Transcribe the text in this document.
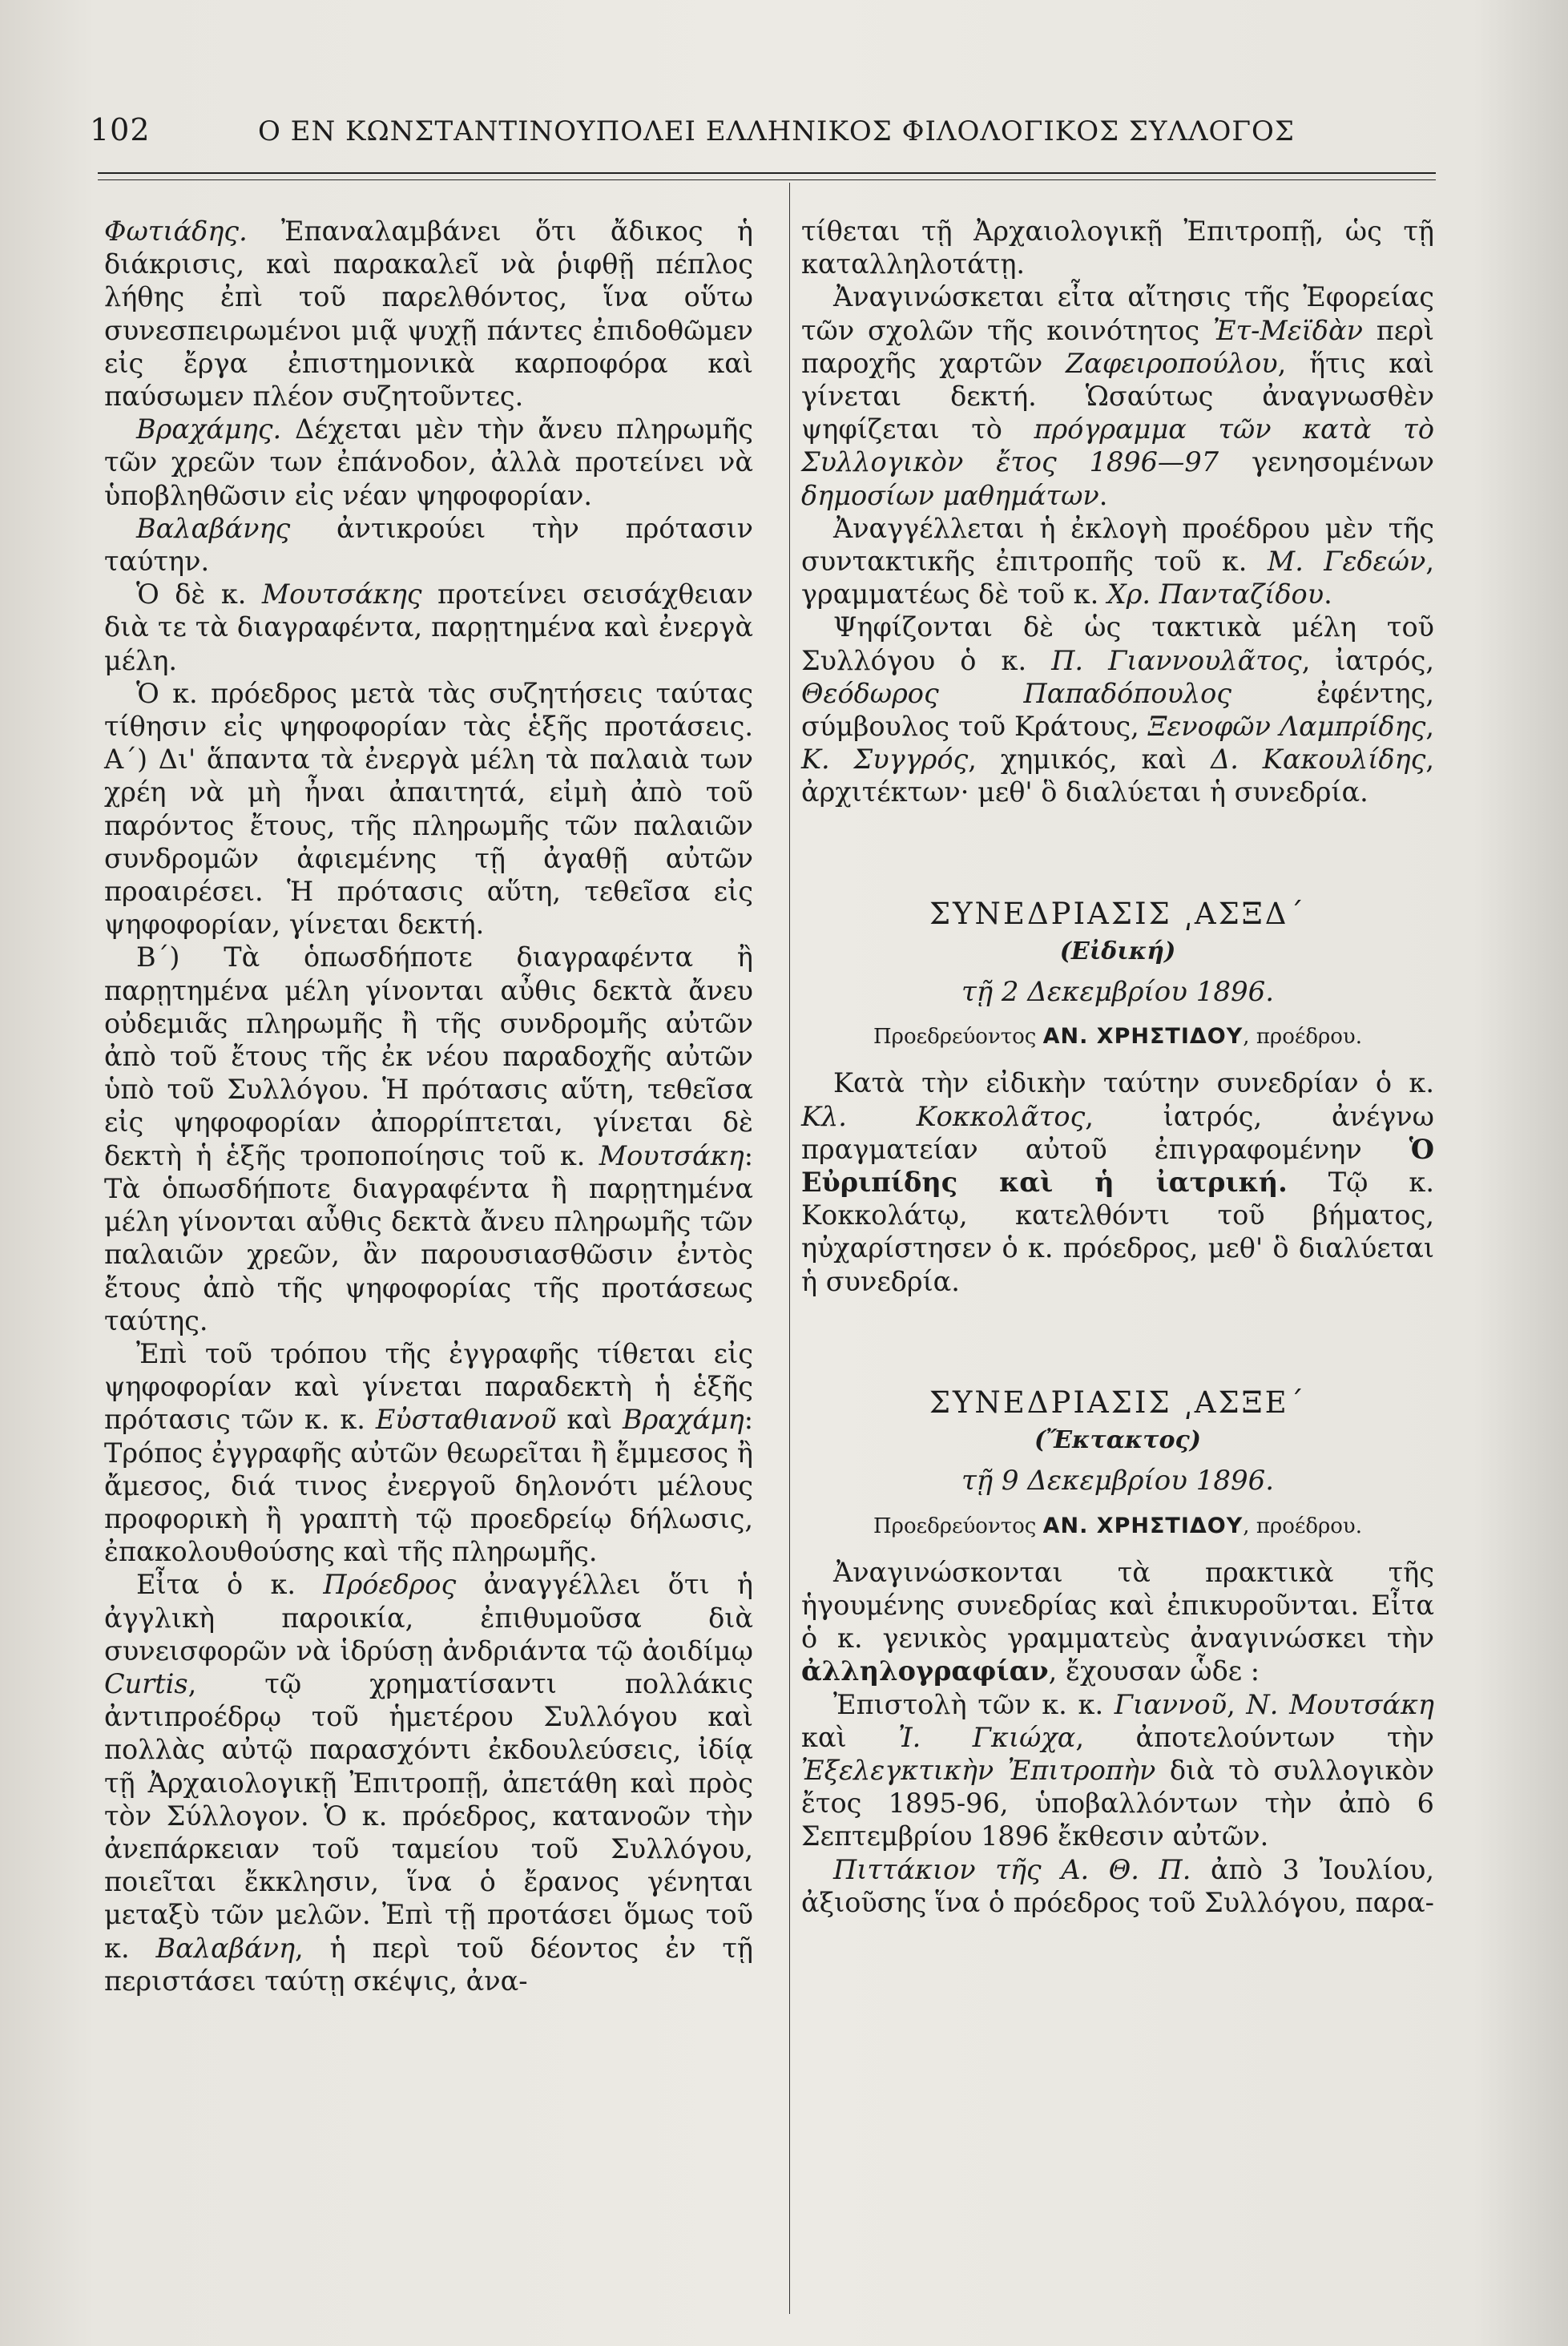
102	Ο ΕΝ ΚΩΝΣΤΑΝΤΙΝΟΥΠΟΛΕΙ ΕΛΛΗΝΙΚΟΣ ΦΙΛΟΛΟΓΙΚΟΣ ΣΥΛΛΟΓΟΣ

Φωτιάδης. Ἐπαναλαμβάνει ὅτι ἄδικος ἡ διάκρισις, καὶ παρακαλεῖ νὰ ῥιφθῇ πέπλος λήθης ἐπὶ τοῦ παρελθόντος, ἵνα οὕτω συνεσπειρωμένοι μιᾷ ψυχῇ πάντες ἐπιδοθῶμεν εἰς ἔργα ἐπιστημονικὰ καρποφόρα καὶ παύσωμεν πλέον συζητοῦντες.

Βραχάμης. Δέχεται μὲν τὴν ἄνευ πληρωμῆς τῶν χρεῶν των ἐπάνοδον, ἀλλὰ προτείνει νὰ ὑποβληθῶσιν εἰς νέαν ψηφοφορίαν.

Βαλαβάνης ἀντικρούει τὴν πρότασιν ταύτην.

Ὁ δὲ κ. Μουτσάκης προτείνει σεισάχθειαν διὰ τε τὰ διαγραφέντα, παρῃτημένα καὶ ἐνεργὰ μέλη.

Ὁ κ. πρόεδρος μετὰ τὰς συζητήσεις ταύτας τίθησιν εἰς ψηφοφορίαν τὰς ἑξῆς προτάσεις. Α΄) Δι' ἅπαντα τὰ ἐνεργὰ μέλη τὰ παλαιὰ των χρέη νὰ μὴ ἦναι ἀπαιτητά, εἰμὴ ἀπὸ τοῦ παρόντος ἔτους, τῆς πληρωμῆς τῶν παλαιῶν συνδρομῶν ἀφιεμένης τῇ ἀγαθῇ αὐτῶν προαιρέσει. Ἡ πρότασις αὕτη, τεθεῖσα εἰς ψηφοφορίαν, γίνεται δεκτή.

Β΄) Τὰ ὁπωσδήποτε διαγραφέντα ἢ παρῃτημένα μέλη γίνονται αὖθις δεκτὰ ἄνευ οὐδεμιᾶς πληρωμῆς ἢ τῆς συνδρομῆς αὐτῶν ἀπὸ τοῦ ἔτους τῆς ἐκ νέου παραδοχῆς αὐτῶν ὑπὸ τοῦ Συλλόγου. Ἡ πρότασις αὕτη, τεθεῖσα εἰς ψηφοφορίαν ἀπορρίπτεται, γίνεται δὲ δεκτὴ ἡ ἑξῆς τροποποίησις τοῦ κ. Μουτσάκη: Τὰ ὁπωσδήποτε διαγραφέντα ἢ παρῃτημένα μέλη γίνονται αὖθις δεκτὰ ἄνευ πληρωμῆς τῶν παλαιῶν χρεῶν, ἂν παρουσιασθῶσιν ἐντὸς ἔτους ἀπὸ τῆς ψηφοφορίας τῆς προτάσεως ταύτης.

Ἐπὶ τοῦ τρόπου τῆς ἐγγραφῆς τίθεται εἰς ψηφοφορίαν καὶ γίνεται παραδεκτὴ ἡ ἑξῆς πρότασις τῶν κ. κ. Εὐσταθιανοῦ καὶ Βραχάμη: Τρόπος ἐγγραφῆς αὐτῶν θεωρεῖται ἢ ἔμμεσος ἢ ἄμεσος, διά τινος ἐνεργοῦ δηλονότι μέλους προφορικὴ ἢ γραπτὴ τῷ προεδρείῳ δήλωσις, ἐπακολουθούσης καὶ τῆς πληρωμῆς.

Εἶτα ὁ κ. Πρόεδρος ἀναγγέλλει ὅτι ἡ ἀγγλικὴ παροικία, ἐπιθυμοῦσα διὰ συνεισφορῶν νὰ ἱδρύσῃ ἀνδριάντα τῷ ἀοιδίμῳ Curtis, τῷ χρηματίσαντι πολλάκις ἀντιπροέδρῳ τοῦ ἡμετέρου Συλλόγου καὶ πολλὰς αὐτῷ παρασχόντι ἐκδουλεύσεις, ἰδίᾳ τῇ Ἀρχαιολογικῇ Ἐπιτροπῇ, ἀπετάθη καὶ πρὸς τὸν Σύλλογον. Ὁ κ. πρόεδρος, κατανοῶν τὴν ἀνεπάρκειαν τοῦ ταμείου τοῦ Συλλόγου, ποιεῖται ἔκκλησιν, ἵνα ὁ ἔρανος γένηται μεταξὺ τῶν μελῶν. Ἐπὶ τῇ προτάσει ὅμως τοῦ κ. Βαλαβάνη, ἡ περὶ τοῦ δέοντος ἐν τῇ περιστάσει ταύτῃ σκέψις, ἀνα-

τίθεται τῇ Ἀρχαιολογικῇ Ἐπιτροπῇ, ὡς τῇ καταλληλοτάτῃ.

Ἀναγινώσκεται εἶτα αἴτησις τῆς Ἐφορείας τῶν σχολῶν τῆς κοινότητος Ἐτ-Μεϊδὰν περὶ παροχῆς χαρτῶν Ζαφειροπούλου, ἥτις καὶ γίνεται δεκτή. Ὡσαύτως ἀναγνωσθὲν ψηφίζεται τὸ πρόγραμμα τῶν κατὰ τὸ Συλλογικὸν ἔτος 1896—97 γενησομένων δημοσίων μαθημάτων.

Ἀναγγέλλεται ἡ ἐκλογὴ προέδρου μὲν τῆς συντακτικῆς ἐπιτροπῆς τοῦ κ. Μ. Γεδεών, γραμματέως δὲ τοῦ κ. Χρ. Πανταζίδου.

Ψηφίζονται δὲ ὡς τακτικὰ μέλη τοῦ Συλλόγου ὁ κ. Π. Γιαννουλᾶτος, ἰατρός, Θεόδωρος Παπαδόπουλος ἐφέντης, σύμβουλος τοῦ Κράτους, Ξενοφῶν Λαμπρίδης, Κ. Συγγρός, χημικός, καὶ Δ. Κακουλίδης, ἀρχιτέκτων· μεθ' ὃ διαλύεται ἡ συνεδρία.

ΣΥΝΕΔΡΙΑΣΙΣ ͵ΑΣΞΔ΄

(Εἰδική)

τῇ 2 Δεκεμβρίου 1896.

Προεδρεύοντος ΑΝ. ΧΡΗΣΤΙΔΟΥ, προέδρου.

Κατὰ τὴν εἰδικὴν ταύτην συνεδρίαν ὁ κ. Κλ. Κοκκολᾶτος, ἰατρός, ἀνέγνω πραγματείαν αὐτοῦ ἐπιγραφομένην Ὁ Εὐριπίδης καὶ ἡ ἰατρική. Τῷ κ. Κοκκολάτῳ, κατελθόντι τοῦ βήματος, ηὐχαρίστησεν ὁ κ. πρόεδρος, μεθ' ὃ διαλύεται ἡ συνεδρία.

ΣΥΝΕΔΡΙΑΣΙΣ ͵ΑΣΞΕ΄

(Ἔκτακτος)

τῇ 9 Δεκεμβρίου 1896.

Προεδρεύοντος ΑΝ. ΧΡΗΣΤΙΔΟΥ, προέδρου.

Ἀναγινώσκονται τὰ πρακτικὰ τῆς ἡγουμένης συνεδρίας καὶ ἐπικυροῦνται. Εἶτα ὁ κ. γενικὸς γραμματεὺς ἀναγινώσκει τὴν ἀλληλογραφίαν, ἔχουσαν ὧδε :

Ἐπιστολὴ τῶν κ. κ. Γιαννοῦ, Ν. Μουτσάκη καὶ Ἰ. Γκιώχα, ἀποτελούντων τὴν Ἐξελεγκτικὴν Ἐπιτροπὴν διὰ τὸ συλλογικὸν ἔτος 1895-96, ὑποβαλλόντων τὴν ἀπὸ 6 Σεπτεμβρίου 1896 ἔκθεσιν αὐτῶν.

Πιττάκιον τῆς Α. Θ. Π. ἀπὸ 3 Ἰουλίου, ἀξιοῦσης ἵνα ὁ πρόεδρος τοῦ Συλλόγου, παρα-
